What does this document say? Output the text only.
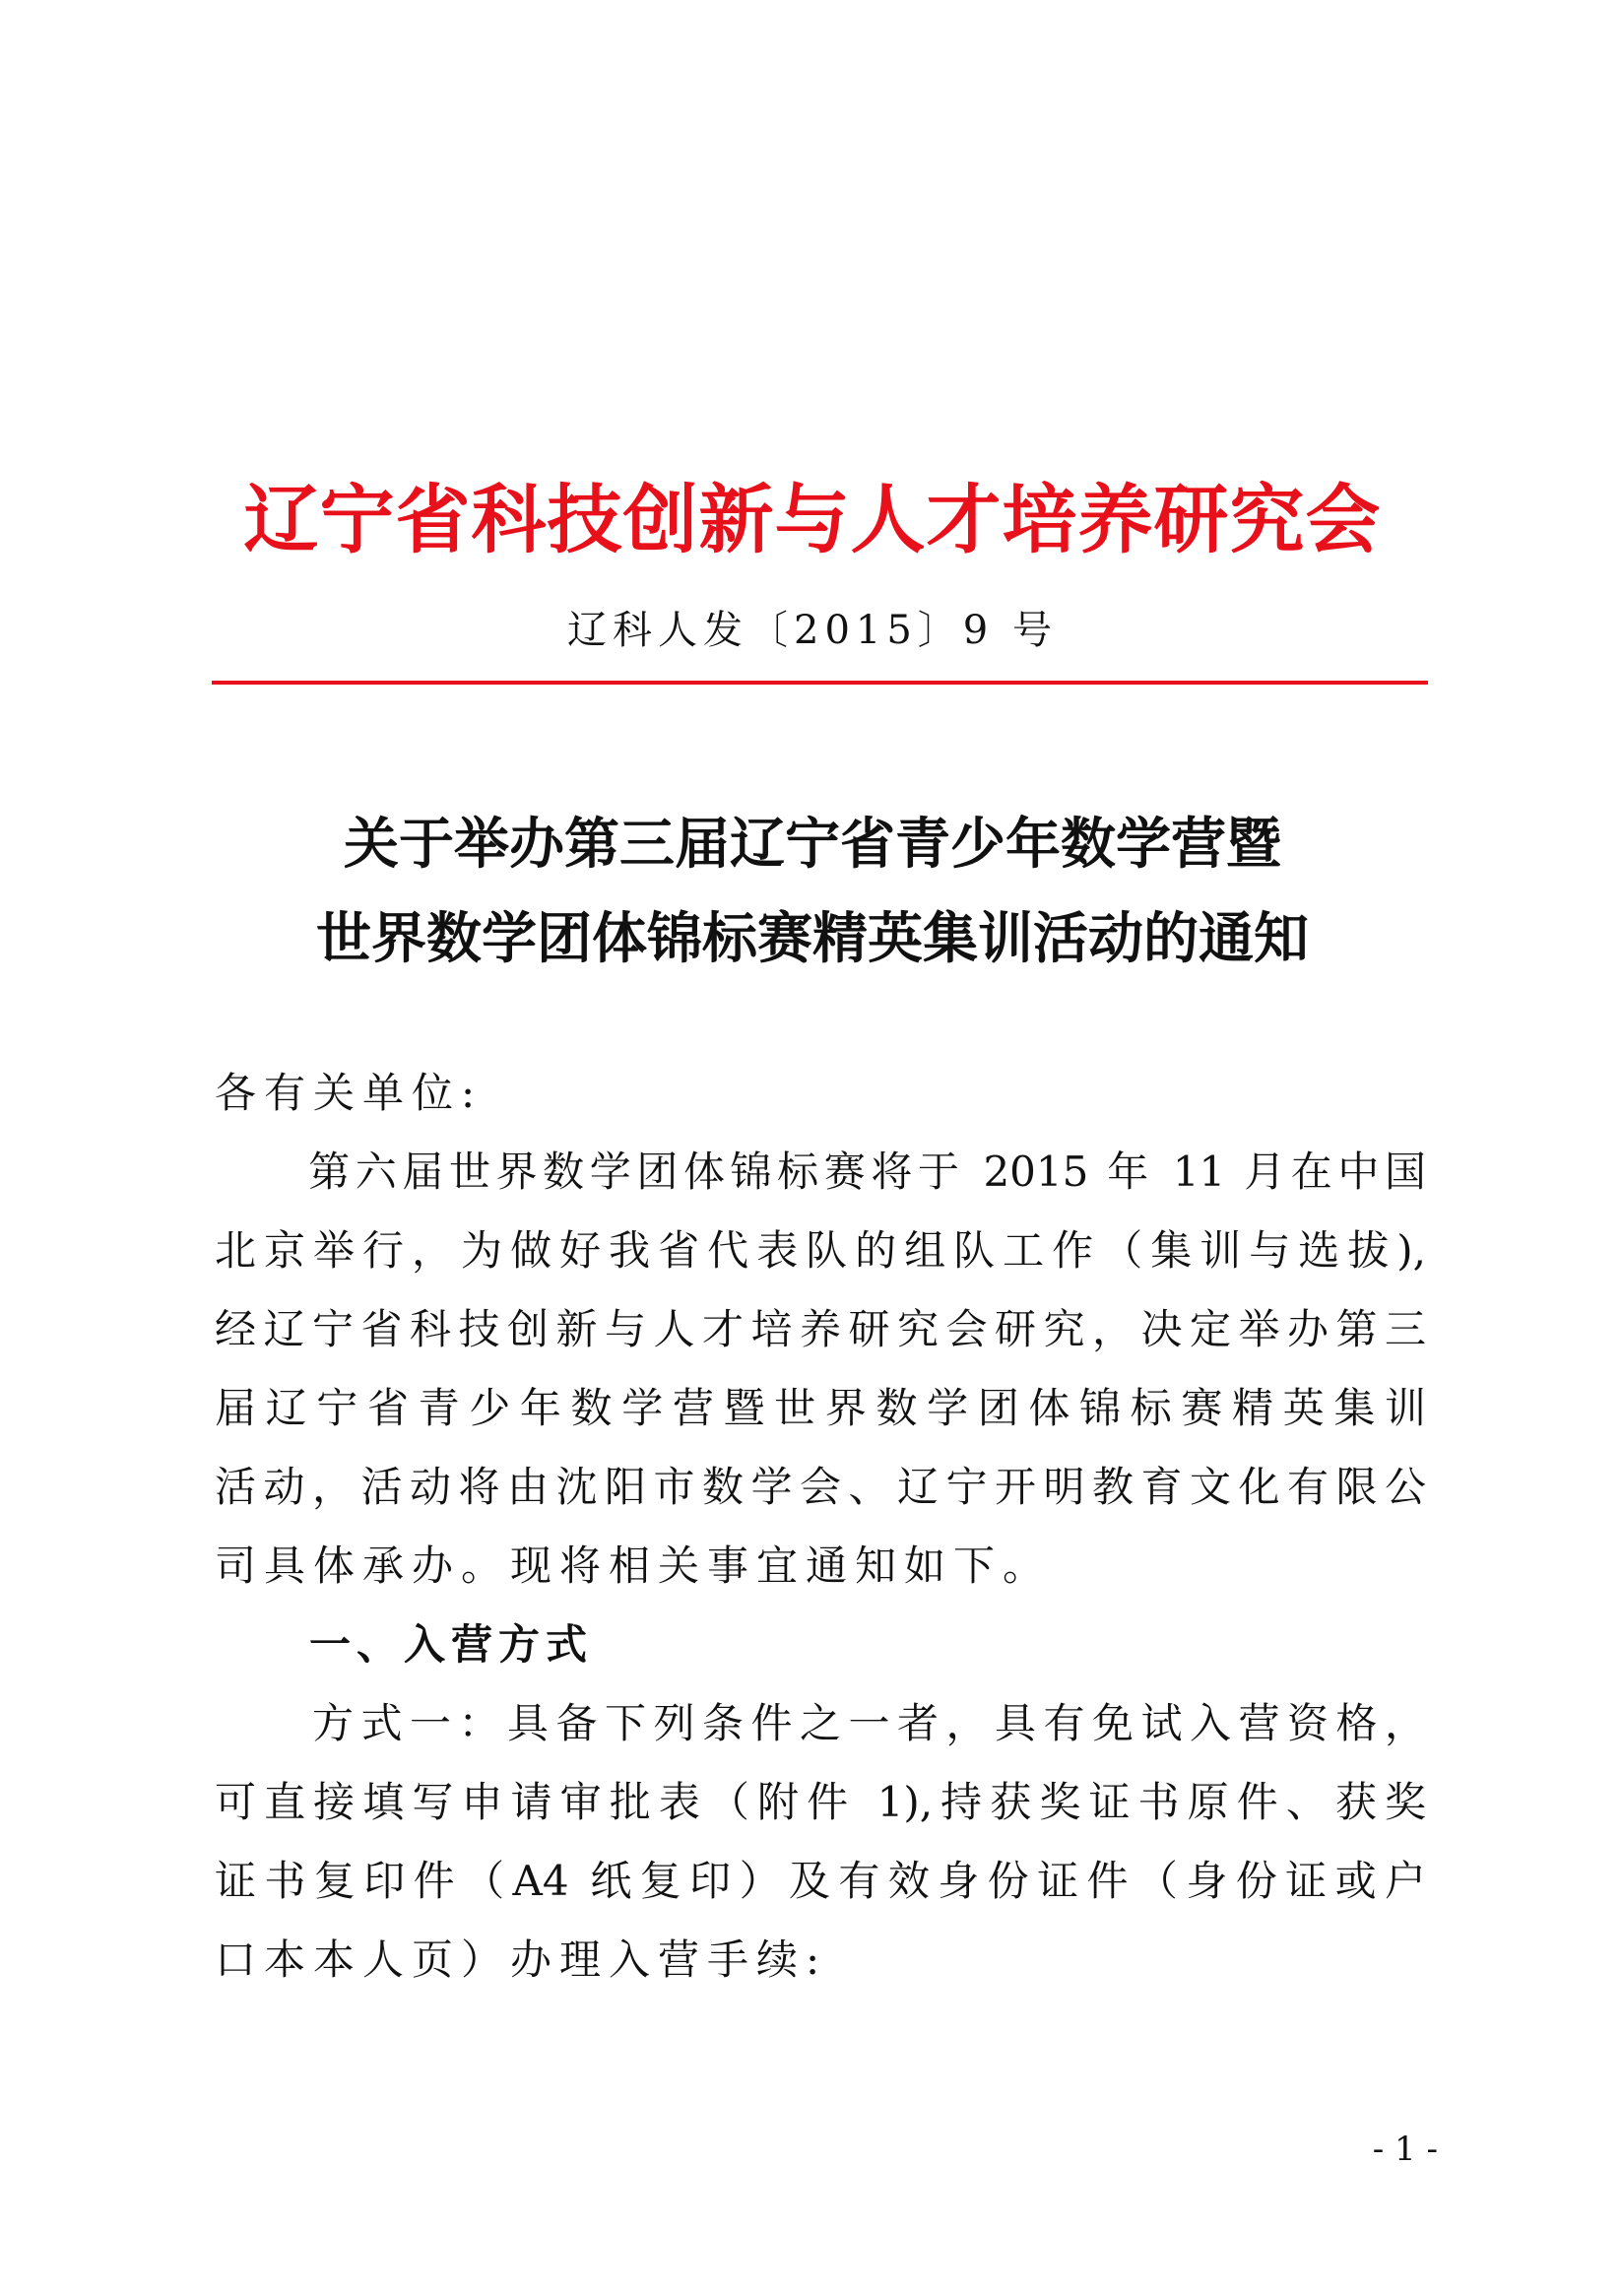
辽宁省科技创新与人才培养研究会
辽科人发〔2015〕9 号
关于举办第三届辽宁省青少年数学营暨
世界数学团体锦标赛精英集训活动的通知
各有关单位:
　　第六届世界数学团体锦标赛将于 2015 年 11 月在中国
北京举行，为做好我省代表队的组队工作（集训与选拔),
经辽宁省科技创新与人才培养研究会研究，决定举办第三
届辽宁省青少年数学营暨世界数学团体锦标赛精英集训
活动，活动将由沈阳市数学会、辽宁开明教育文化有限公
司具体承办。现将相关事宜通知如下。
　　一、入营方式
　　方式一：具备下列条件之一者，具有免试入营资格，
可直接填写申请审批表（附件 1),持获奖证书原件、获奖
证书复印件（A4 纸复印）及有效身份证件（身份证或户
口本本人页）办理入营手续:
- 1 -
